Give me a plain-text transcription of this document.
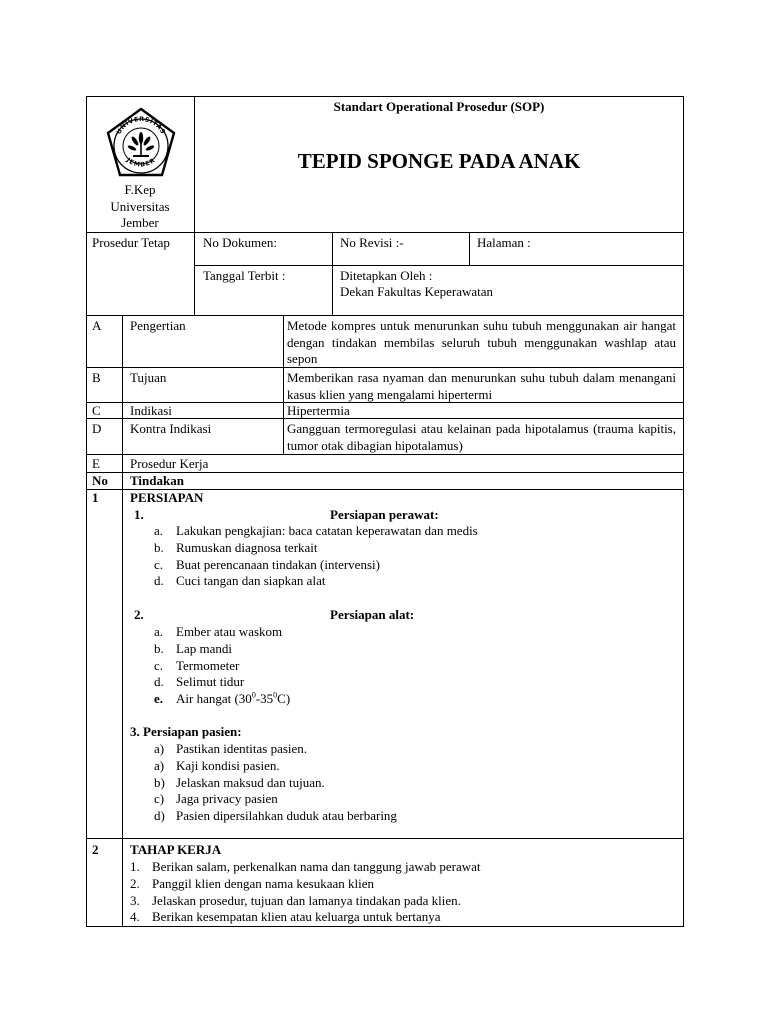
UNIVERSITAS
JEMBER
F.Kep
Universitas
Jember
Standart Operational Prosedur (SOP)
TEPID SPONGE PADA ANAK
Prosedur Tetap	No Dokumen:	No Revisi :-	Halaman :
Tanggal Terbit :	Ditetapkan Oleh :
Dekan Fakultas Keperawatan
A Pengertian	Metode kompres untuk menurunkan suhu tubuh menggunakan air hangat dengan tindakan membilas seluruh tubuh menggunakan washlap atau sepon
B Tujuan	Memberikan rasa nyaman dan menurunkan suhu tubuh dalam menangani kasus klien yang mengalami hipertermi
C Indikasi	Hipertermia
D Kontra Indikasi	Gangguan termoregulasi atau kelainan pada hipotalamus (trauma kapitis, tumor otak dibagian hipotalamus)
E Prosedur Kerja
No Tindakan
1 PERSIAPAN
1.	Persiapan perawat:
a. Lakukan pengkajian: baca catatan keperawatan dan medis
b. Rumuskan diagnosa terkait
c. Buat perencanaan tindakan (intervensi)
d. Cuci tangan dan siapkan alat
2.	Persiapan alat:
a. Ember atau waskom
b. Lap mandi
c. Termometer
d. Selimut tidur
e. Air hangat $(30^0-35^0C)$
3. Persiapan pasien:
a) Pastikan identitas pasien.
a) Kaji kondisi pasien.
b) Jelaskan maksud dan tujuan.
c) Jaga privacy pasien
d) Pasien dipersilahkan duduk atau berbaring
2 TAHAP KERJA
1. Berikan salam, perkenalkan nama dan tanggung jawab perawat
2. Panggil klien dengan nama kesukaan klien
3. Jelaskan prosedur, tujuan dan lamanya tindakan pada klien.
4. Berikan kesempatan klien atau keluarga untuk bertanya
